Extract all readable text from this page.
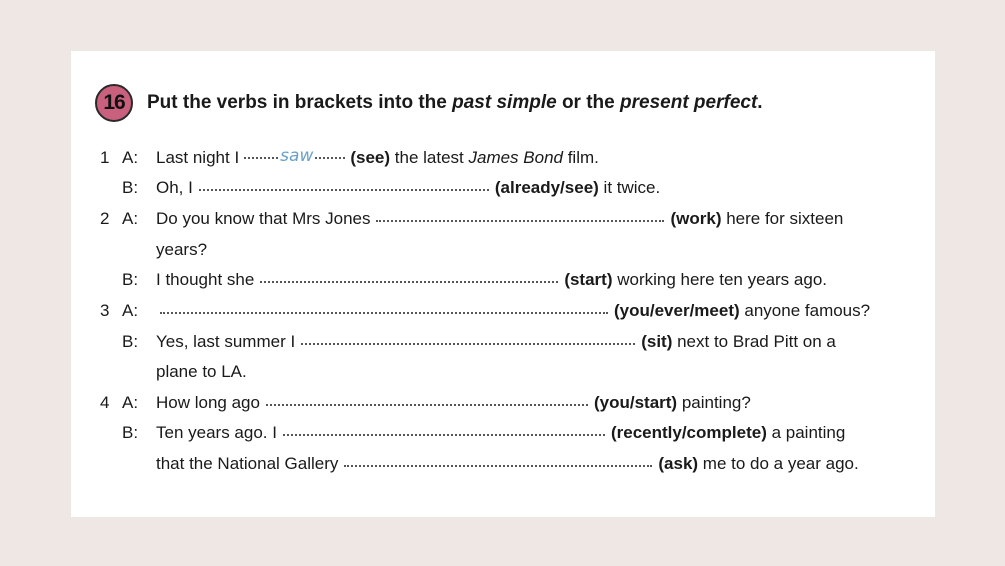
16	Put the verbs in brackets into the past simple or the present perfect.
1 A: Last night I saw (see) the latest James Bond film.
B: Oh, I	(already/see) it twice.
2 A: Do you know that Mrs Jones	(work) here for sixteen
years?
B: I thought she	(start) working here ten years ago.
3 A:	(you/ever/meet) anyone famous?
B: Yes, last summer I	(sit) next to Brad Pitt on a
plane to LA.
4 A: How long ago	(you/start) painting?
B: Ten years ago. I	(recently/complete) a painting
that the National Gallery	(ask) me to do a year ago.
